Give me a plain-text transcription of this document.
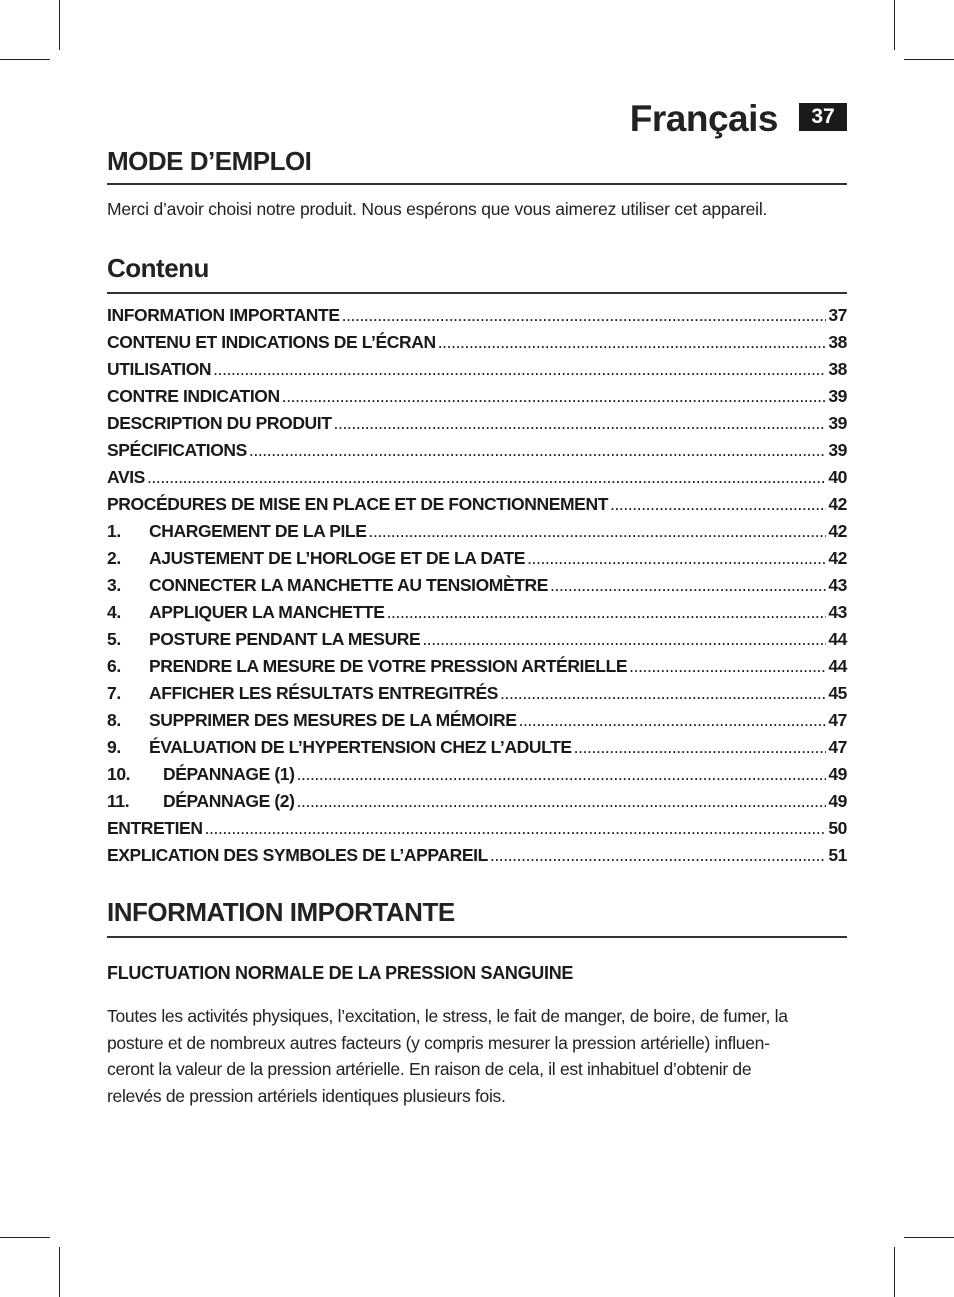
Français	37
MODE D’EMPLOI
Merci d’avoir choisi notre produit. Nous espérons que vous aimerez utiliser cet appareil.
Contenu
INFORMATION IMPORTANTE .....	37
CONTENU ET INDICATIONS DE L’ÉCRAN .....	38
UTILISATION .....	38
CONTRE INDICATION .....	39
DESCRIPTION DU PRODUIT .....	39
SPÉCIFICATIONS .....	39
AVIS .....	40
PROCÉDURES DE MISE EN PLACE ET DE FONCTIONNEMENT .....	42
1.	CHARGEMENT DE LA PILE .....	42
2.	AJUSTEMENT DE L’HORLOGE ET DE LA DATE .....	42
3.	CONNECTER LA MANCHETTE AU TENSIOMÈTRE .....	43
4.	APPLIQUER LA MANCHETTE .....	43
5.	POSTURE PENDANT LA MESURE .....	44
6.	PRENDRE LA MESURE DE VOTRE PRESSION ARTÉRIELLE .....	44
7.	AFFICHER LES RÉSULTATS ENTREGITRÉS .....	45
8.	SUPPRIMER DES MESURES DE LA MÉMOIRE .....	47
9.	ÉVALUATION DE L’HYPERTENSION CHEZ L’ADULTE .....	47
10.	DÉPANNAGE (1) .....	49
11.	DÉPANNAGE (2) .....	49
ENTRETIEN .....	50
EXPLICATION DES SYMBOLES DE L’APPAREIL .....	51
INFORMATION IMPORTANTE
FLUCTUATION NORMALE DE LA PRESSION SANGUINE
Toutes les activités physiques, l’excitation, le stress, le fait de manger, de boire, de fumer, la
posture et de nombreux autres facteurs (y compris mesurer la pression artérielle) influen-
ceront la valeur de la pression artérielle. En raison de cela, il est inhabituel d’obtenir de
relevés de pression artériels identiques plusieurs fois.
